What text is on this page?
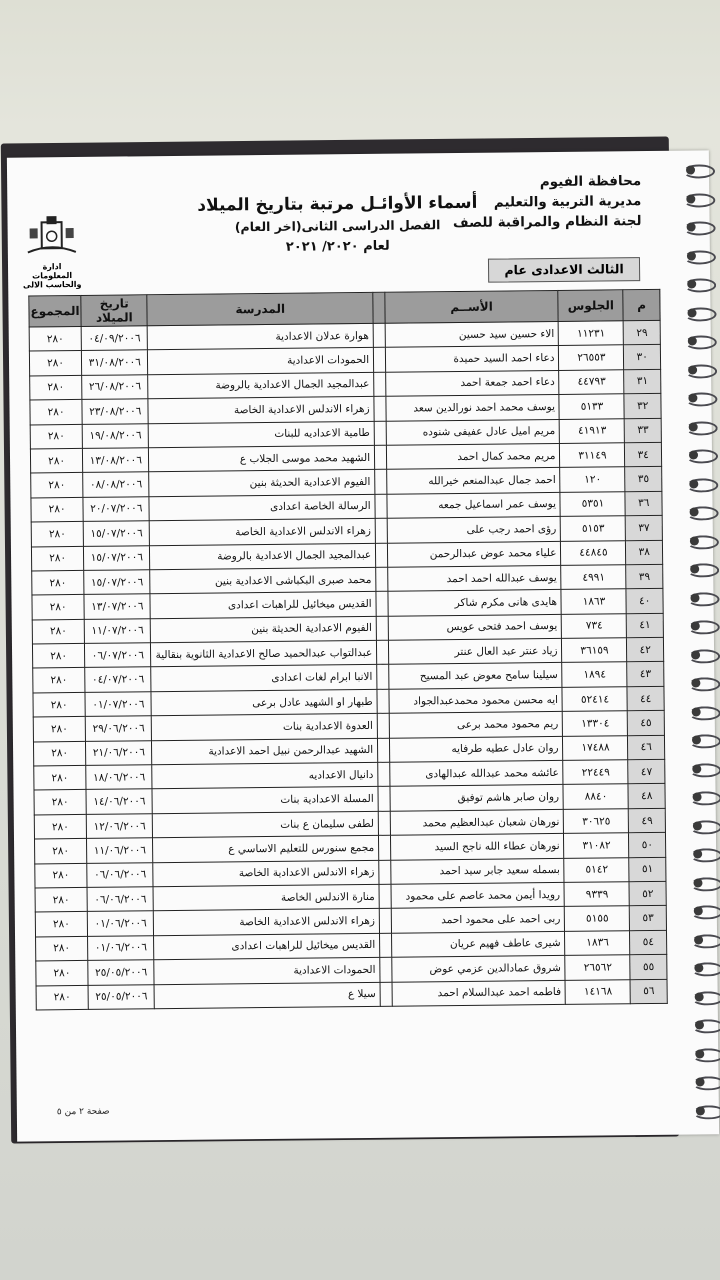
محافظة الفيوم
مديرية التربية والتعليم
لجنة النظام والمراقبة للصف
الثالث الاعدادى عام
أسماء الأوائـل مرتبة بتاريخ الميلاد
الفصل الدراسى الثانى(اخر العام)
لعام ٢٠٢٠/ ٢٠٢١
ادارة المعلومات والحاسب الالى
م	الجلوس	الأســم		المدرسة	تاريخ الميلاد	المجموع
٢٩	١١٢٣١	الاء حسين سيد حسين		هوارة عدلان الاعدادية	٠٤/٠٩/٢٠٠٦	٢٨٠
٣٠	٢٦٥٥٣	دعاء احمد السيد حميدة		الحمودات الاعدادية	٣١/٠٨/٢٠٠٦	٢٨٠
٣١	٤٤٧٩٣	دعاء احمد جمعة احمد		عبدالمجيد الجمال الاعدادية بالروضة	٢٦/٠٨/٢٠٠٦	٢٨٠
٣٢	٥١٣٣	يوسف محمد احمد نورالدين سعد		زهراء الاندلس الاعدادية الخاصة	٢٣/٠٨/٢٠٠٦	٢٨٠
٣٣	٤١٩١٣	مريم اميل عادل عفيفى شنوده		طامية الاعداديه للبنات	١٩/٠٨/٢٠٠٦	٢٨٠
٣٤	٣١١٤٩	مريم محمد كمال احمد		الشهيد محمد موسى الجلاب ع	١٣/٠٨/٢٠٠٦	٢٨٠
٣٥	١٢٠	احمد جمال عبدالمنعم خيرالله		الفيوم الاعدادية الحديثة بنين	٠٨/٠٨/٢٠٠٦	٢٨٠
٣٦	٥٣٥١	يوسف عمر اسماعيل جمعه		الرسالة الخاصة اعدادى	٢٠/٠٧/٢٠٠٦	٢٨٠
٣٧	٥١٥٣	رؤى احمد رجب على		زهراء الاندلس الاعدادية الخاصة	١٥/٠٧/٢٠٠٦	٢٨٠
٣٨	٤٤٨٤٥	علياء محمد عوض عبدالرحمن		عبدالمجيد الجمال الاعدادية بالروضة	١٥/٠٧/٢٠٠٦	٢٨٠
٣٩	٤٩٩١	يوسف عبدالله احمد احمد		محمد صبرى البكباشى الاعدادية بنين	١٥/٠٧/٢٠٠٦	٢٨٠
٤٠	١٨٦٣	هايدى هانى مكرم شاكر		القديس ميخائيل للراهبات اعدادى	١٣/٠٧/٢٠٠٦	٢٨٠
٤١	٧٣٤	يوسف احمد فتحى عويس		الفيوم الاعدادية الحديثة بنين	١١/٠٧/٢٠٠٦	٢٨٠
٤٢	٣٦١٥٩	زياد عنتر عبد العال عنتر		عبدالتواب عبدالحميد صالح الاعدادية الثانوية بنقالية	٠٦/٠٧/٢٠٠٦	٢٨٠
٤٣	١٨٩٤	سيلينا سامح معوض عبد المسيح		الانبا ابرام لغات اعدادى	٠٤/٠٧/٢٠٠٦	٢٨٠
٤٤	٥٢٤١٤	ايه محسن محمود محمدعبدالجواد		طبهار او الشهيد عادل برعى	٠١/٠٧/٢٠٠٦	٢٨٠
٤٥	١٣٣٠٤	ريم محمود محمد برعى		العدوة الاعدادية بنات	٢٩/٠٦/٢٠٠٦	٢٨٠
٤٦	١٧٤٨٨	روان عادل عطيه طرفايه		الشهيد عبدالرحمن نبيل احمد الاعدادية	٢١/٠٦/٢٠٠٦	٢٨٠
٤٧	٢٢٤٤٩	عائشه محمد عبدالله عبدالهادى		دانيال الاعداديه	١٨/٠٦/٢٠٠٦	٢٨٠
٤٨	٨٨٤٠	روان صابر هاشم توفيق		المسلة الاعدادية بنات	١٤/٠٦/٢٠٠٦	٢٨٠
٤٩	٣٠٦٢٥	نورهان شعبان عبدالعظيم محمد		لطفى سليمان ع بنات	١٢/٠٦/٢٠٠٦	٢٨٠
٥٠	٣١٠٨٢	نورهان عطاء الله ناجح السيد		مجمع سنورس للتعليم الاساسي ع	١١/٠٦/٢٠٠٦	٢٨٠
٥١	٥١٤٢	بسمله سعيد جابر سيد احمد		زهراء الاندلس الاعدادية الخاصة	٠٦/٠٦/٢٠٠٦	٢٨٠
٥٢	٩٣٣٩	رويدا أيمن محمد عاصم على محمود		منارة الاندلس الخاصة	٠٦/٠٦/٢٠٠٦	٢٨٠
٥٣	٥١٥٥	ربى احمد على محمود احمد		زهراء الاندلس الاعدادية الخاصة	٠١/٠٦/٢٠٠٦	٢٨٠
٥٤	١٨٣٦	شيرى عاطف فهيم عريان		القديس ميخائيل للراهبات اعدادى	٠١/٠٦/٢٠٠٦	٢٨٠
٥٥	٢٦٥٦٢	شروق عمادالدين عزمي عوض		الحمودات الاعدادية	٢٥/٠٥/٢٠٠٦	٢٨٠
٥٦	١٤١٦٨	فاطمه احمد عبدالسلام احمد		سيلا ع	٢٥/٠٥/٢٠٠٦	٢٨٠
صفحة ٢ من ٥
